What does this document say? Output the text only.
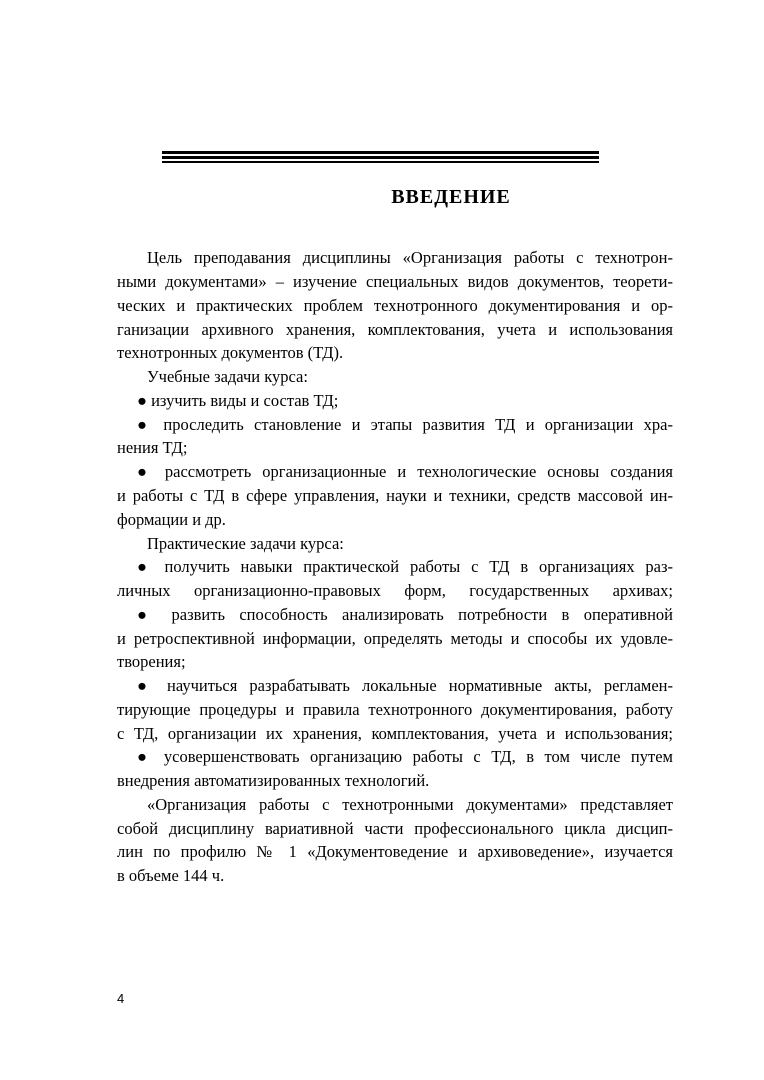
ВВЕДЕНИЕ
Цель преподавания дисциплины «Организация работы с технотрон-
ными документами» – изучение специальных видов документов, теорети-
ческих и практических проблем технотронного документирования и ор-
ганизации архивного хранения, комплектования, учета и использования
технотронных документов (ТД).
Учебные задачи курса:
● изучить виды и состав ТД;
● проследить становление и этапы развития ТД и организации хра-
нения ТД;
● рассмотреть организационные и технологические основы создания
и работы с ТД в сфере управления, науки и техники, средств массовой ин-
формации и др.
Практические задачи курса:
● получить навыки практической работы с ТД в организациях раз-
личных организационно-правовых форм, государственных архивах;
● развить способность анализировать потребности в оперативной
и ретроспективной информации, определять методы и способы их удовле-
творения;
● научиться разрабатывать локальные нормативные акты, регламен-
тирующие процедуры и правила технотронного документирования, работу
с ТД, организации их хранения, комплектования, учета и использования;
● усовершенствовать организацию работы с ТД, в том числе путем
внедрения автоматизированных технологий.
«Организация работы с технотронными документами» представляет
собой дисциплину вариативной части профессионального цикла дисцип-
лин по профилю № 1 «Документоведение и архивоведение», изучается
в объеме 144 ч.
4
